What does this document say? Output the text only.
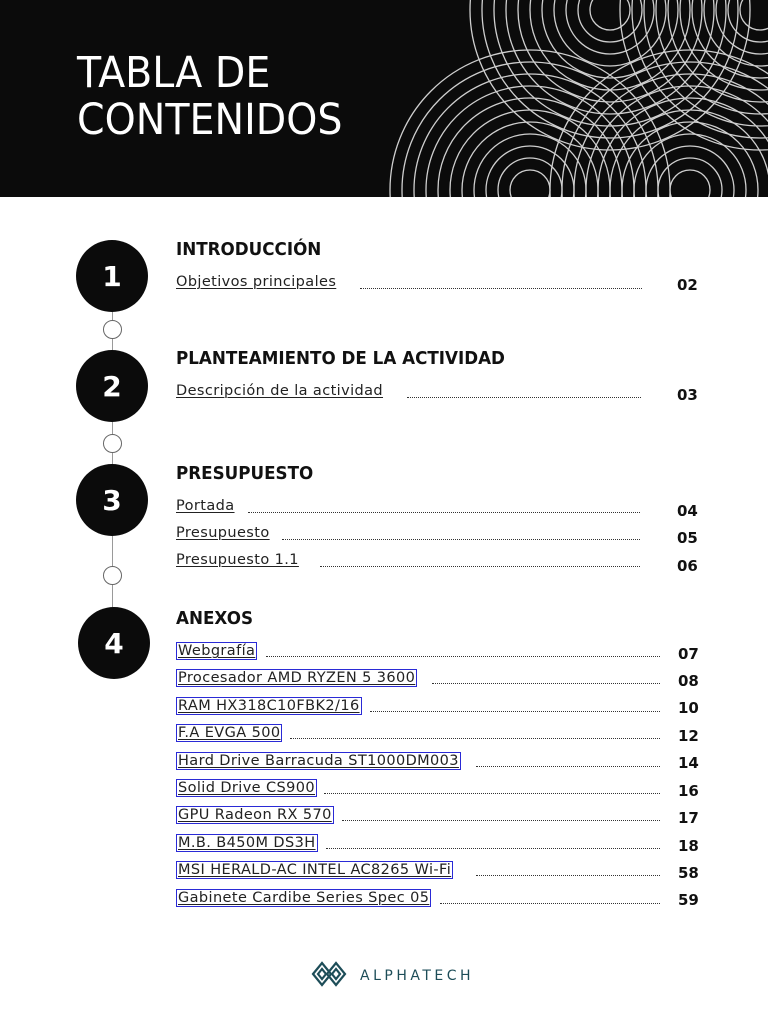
TABLA DE
CONTENIDOS
1
INTRODUCCIÓN
Objetivos principales	02
2
PLANTEAMIENTO DE LA ACTIVIDAD
Descripción de la actividad	03
3
PRESUPUESTO
Portada	04
Presupuesto	05
Presupuesto 1.1	06
4
ANEXOS
Webgrafía	07
Procesador AMD RYZEN 5 3600	08
RAM HX318C10FBK2/16	10
F.A EVGA 500	12
Hard Drive Barracuda ST1000DM003	14
Solid Drive CS900	16
GPU Radeon RX 570	17
M.B. B450M DS3H	18
MSI HERALD-AC INTEL AC8265 Wi-Fi	58
Gabinete Cardibe Series Spec 05	59
ALPHATECH
